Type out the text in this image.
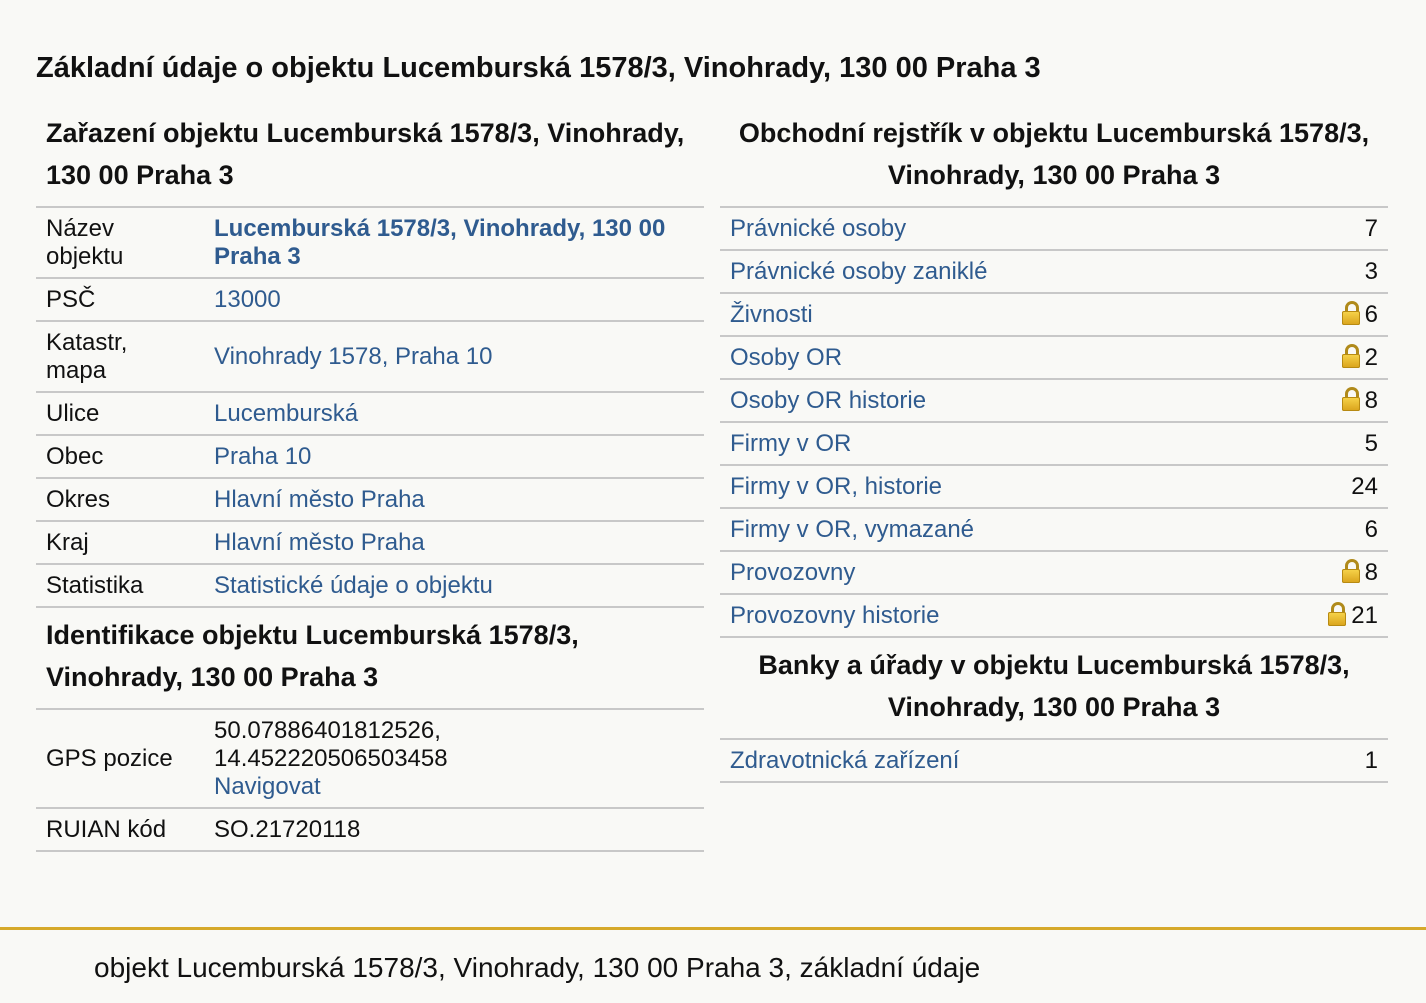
Základní údaje o objektu Lucemburská 1578/3, Vinohrady, 130 00 Praha 3
Zařazení objektu Lucemburská 1578/3, Vinohrady, 130 00 Praha 3
Název objektu	Lucemburská 1578/3, Vinohrady, 130 00 Praha 3
PSČ	13000
Katastr, mapa	Vinohrady 1578, Praha 10
Ulice	Lucemburská
Obec	Praha 10
Okres	Hlavní město Praha
Kraj	Hlavní město Praha
Statistika	Statistické údaje o objektu
Identifikace objektu Lucemburská 1578/3, Vinohrady, 130 00 Praha 3
GPS pozice	50.07886401812526,
14.452220506503458
Navigovat

RUIAN kód	SO.21720118
Obchodní rejstřík v objektu Lucemburská 1578/3, Vinohrady, 130 00 Praha 3
Právnické osoby	7
Právnické osoby zaniklé	3
Živnosti	6
Osoby OR	2
Osoby OR historie	8
Firmy v OR	5
Firmy v OR, historie	24
Firmy v OR, vymazané	6
Provozovny	8
Provozovny historie	21
Banky a úřady v objektu Lucemburská 1578/3, Vinohrady, 130 00 Praha 3
Zdravotnická zařízení	1
objekt Lucemburská 1578/3, Vinohrady, 130 00 Praha 3, základní údaje
